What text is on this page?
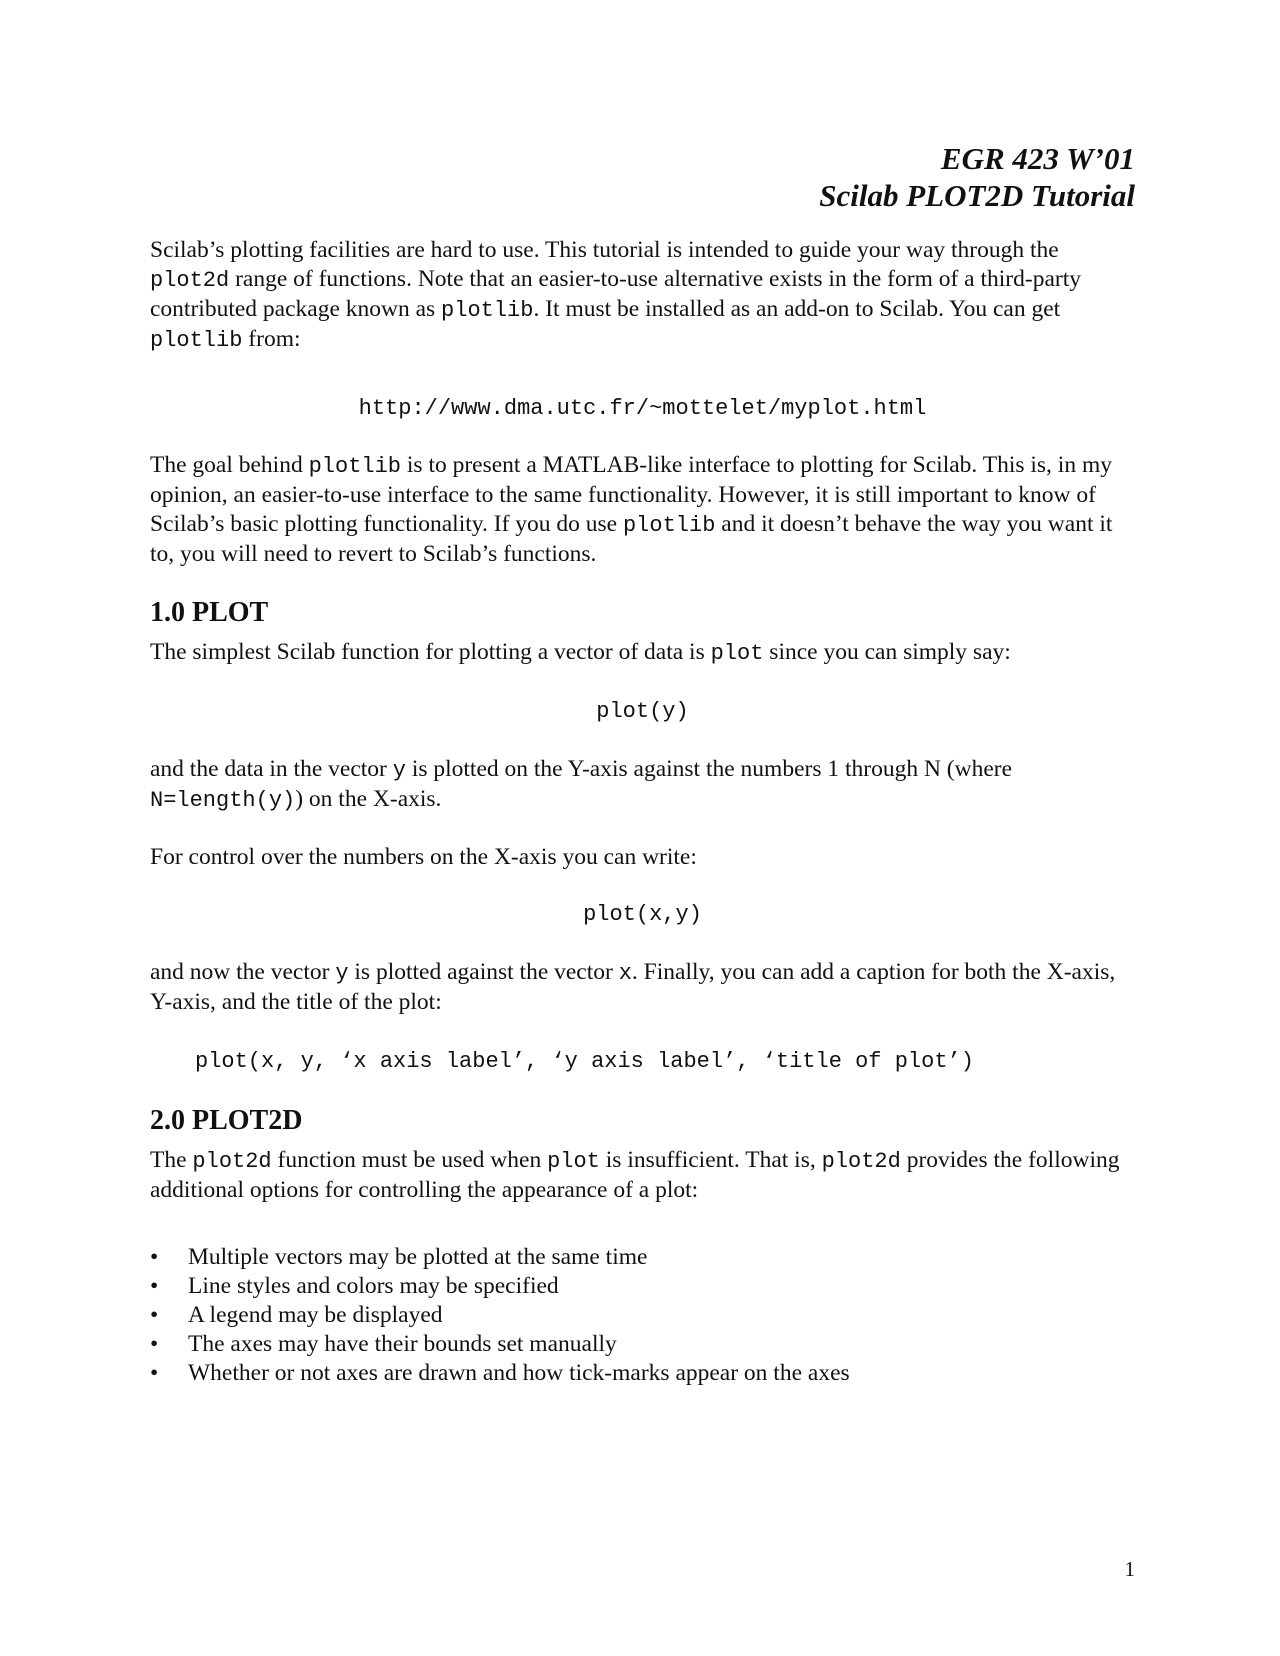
EGR 423 W’01
Scilab PLOT2D Tutorial

Scilab’s plotting facilities are hard to use. This tutorial is intended to guide your way through the plot2d range of functions. Note that an easier-to-use alternative exists in the form of a third-party contributed package known as plotlib. It must be installed as an add-on to Scilab. You can get plotlib from:

http://www.dma.utc.fr/~mottelet/myplot.html

The goal behind plotlib is to present a MATLAB-like interface to plotting for Scilab. This is, in my opinion, an easier-to-use interface to the same functionality. However, it is still important to know of Scilab’s basic plotting functionality. If you do use plotlib and it doesn’t behave the way you want it to, you will need to revert to Scilab’s functions.

1.0 PLOT

The simplest Scilab function for plotting a vector of data is plot since you can simply say:

plot(y)

and the data in the vector y is plotted on the Y-axis against the numbers 1 through N (where N=length(y)) on the X-axis.

For control over the numbers on the X-axis you can write:

plot(x,y)

and now the vector y is plotted against the vector x. Finally, you can add a caption for both the X-axis, Y-axis, and the title of the plot:

plot(x, y, ‘x axis label’, ‘y axis label’, ‘title of plot’)
2.0 PLOT2D

The plot2d function must be used when plot is insufficient. That is, plot2d provides the following additional options for controlling the appearance of a plot:

• Multiple vectors may be plotted at the same time
• Line styles and colors may be specified
• A legend may be displayed
• The axes may have their bounds set manually
• Whether or not axes are drawn and how tick-marks appear on the axes
1
